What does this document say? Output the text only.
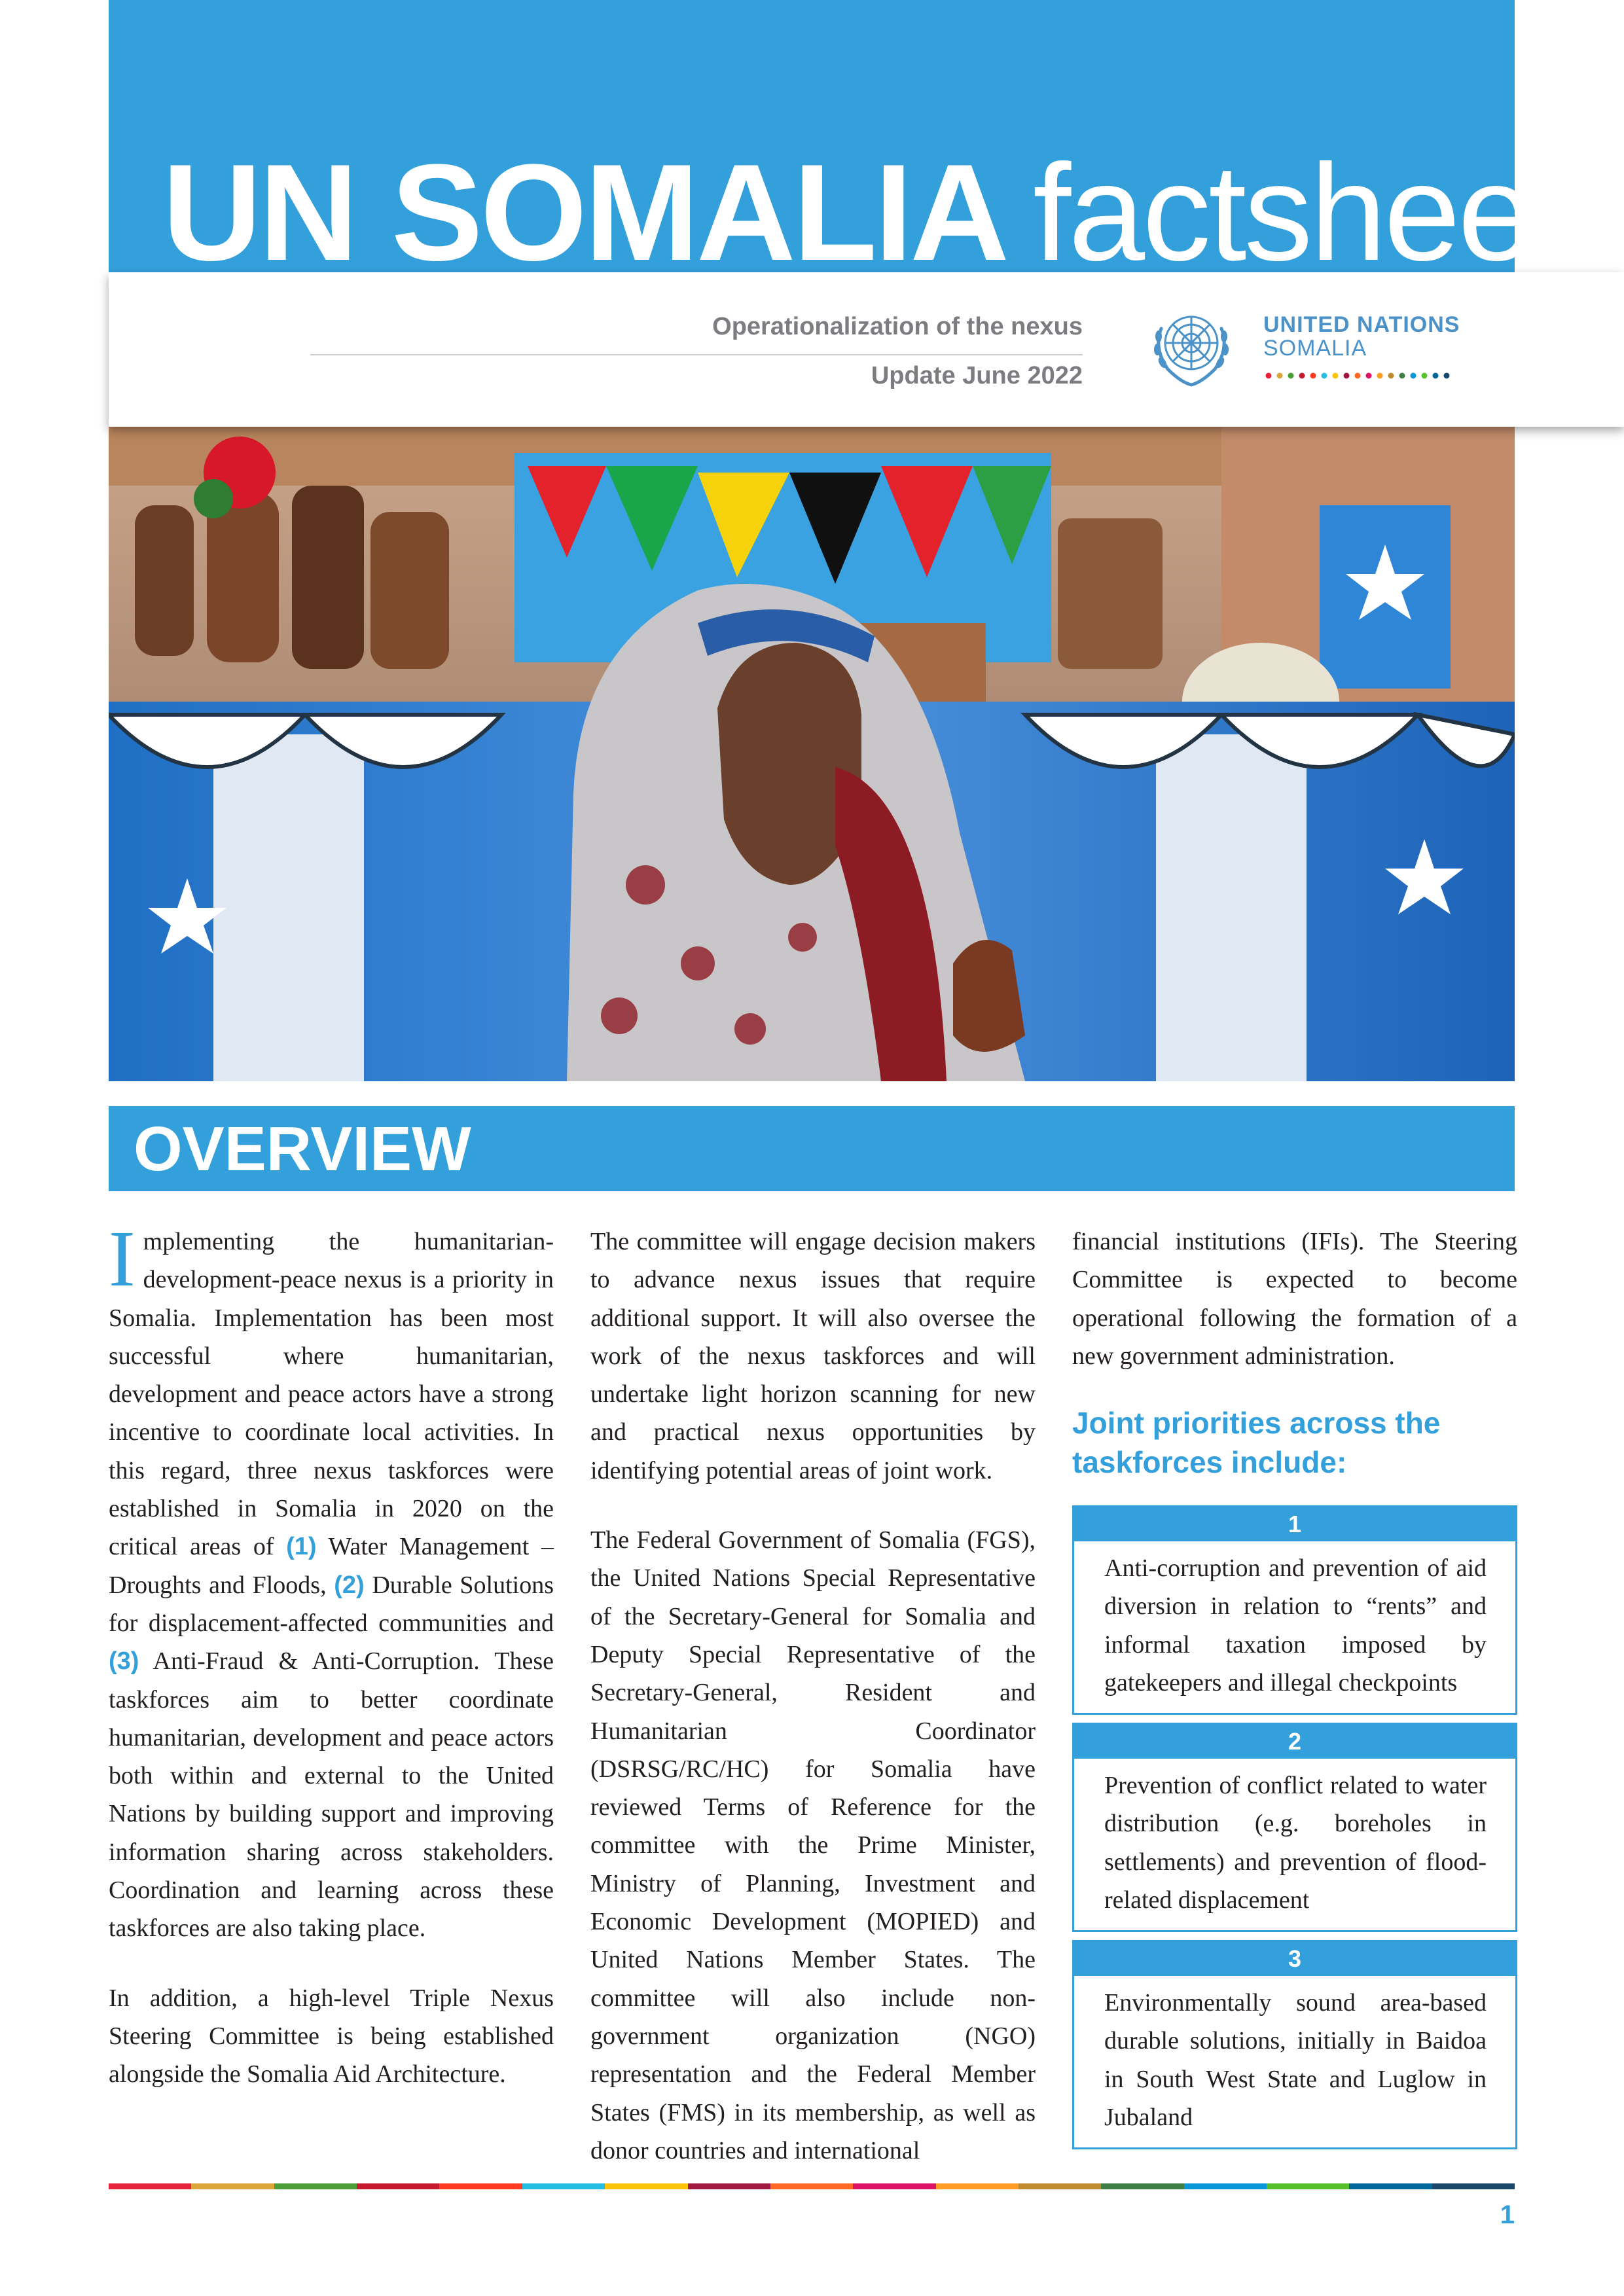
UN SOMALIA factsheet
Operationalization of the nexus
Update June 2022
UNITED NATIONS
SOMALIA
OVERVIEW

Implementing the humanitarian-development-peace nexus is a priority in Somalia. Implementation has been most successful where humanitarian, development and peace actors have a strong incentive to coordinate local activities. In this regard, three nexus taskforces were established in Somalia in 2020 on the critical areas of (1) Water Management – Droughts and Floods, (2) Durable Solutions for displacement-affected communities and (3) Anti-Fraud & Anti-Corruption. These taskforces aim to better coordinate humanitarian, development and peace actors both within and external to the United Nations by building support and improving information sharing across stakeholders. Coordination and learning across these taskforces are also taking place.

In addition, a high-level Triple Nexus Steering Committee is being established alongside the Somalia Aid Architecture.

The committee will engage decision makers to advance nexus issues that require additional support. It will also oversee the work of the nexus taskforces and will undertake light horizon scanning for new and practical nexus opportunities by identifying potential areas of joint work.

The Federal Government of Somalia (FGS), the United Nations Special Representative of the Secretary-General for Somalia and Deputy Special Representative of the Secretary-General, Resident and Humanitarian Coordinator (DSRSG/RC/HC) for Somalia have reviewed Terms of Reference for the committee with the Prime Minister, Ministry of Planning, Investment and Economic Development (MOPIED) and United Nations Member States. The committee will also include non-government organization (NGO) representation and the Federal Member States (FMS) in its membership, as well as donor countries and international

financial institutions (IFIs). The Steering Committee is expected to become operational following the formation of a new government administration.

Joint priorities across the taskforces include:
1
Anti-corruption and prevention of aid diversion in relation to “rents” and informal taxation imposed by gatekeepers and illegal checkpoints
2
Prevention of conflict related to water distribution (e.g. boreholes in settlements) and prevention of flood-related displacement
3
Environmentally sound area-based durable solutions, initially in Baidoa in South West State and Luglow in Jubaland
1
